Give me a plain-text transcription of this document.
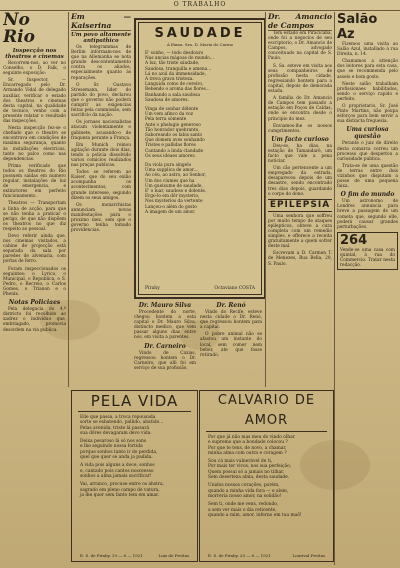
O TRABALHO

No Rio

Inspecção nos theatros e cinemas

Recorrem-nos, ao ver no Conselho, o D. Falk, o seguinte exposição:

Sr. Inspector, — Encarregado pelo Dr. Armando Vidal de delegado auxiliar, verificar o estado dos theatros e cinemas desta capital, na qualidade de tecnico, venho com a presente relatar o resultado das inspecções.

Nesta inspecção fez-se o chefiado que o theatro se encontrava em condições de maxima segurança, quanto ás installações electricas, tanto no palco como nas dependencias.

Prima verificado que todos os theatros do Rio possuem saidas em numero regular, instalações de luz de emergencia, e extinctores em perfeito funcionamento.

Theatros — Transportam a linha de acção, para que se não tenha a praticar o perigo, de que não dispõem os theatros no que diz respeito ao pessoal.

Devo referir ainda que, nos cinemas visitados, a cabine de projecção está separada da sala por paredes de alvenaria, com portas de ferro.

Foram inspeccionados os seguintes: o Lyrico, o Municipal, o Republica, o S. Pedro, o Recreio, o Carlos Gomes, o Trianon e o Phenix.

Notas Policiaes

Pela delegacia do 4.º districto foi recolhido ao xadrez o individuo que, embriagado, promovia desordem na via publica.

Em — Kaiserina

Um povo altamente antipathico

Os telegrammas de Berlim informam-nos de que na Allemanha se nota grande descontentamento contra os aliados, especialmente quanto ás reparações.

O Sr. Gustavo Stresemann, lider do partido do povo, declarou que o governo não poderá cumprir as exigencias feitas pela commissão, sem sacrificio da nação.

Os jornaes nacionalistas atacam violentamente o gabinete, acusando-o de fraqueza perante a França.

Em Munich reinou agitação durante dois dias, tendo a policia dissolvido varios comicios realizados nas praças publicas.

Todos se referem ao Kaiser, que do seu exilio acompanha os acontecimentos, com grande interesse, segundo dizem os seus amigos.

Os monarchistas annunciam novas manifestações para o proximo mez, sem que o governo tenha tomado providencias.

SAUDADE
Á Exma. Sra. D. Maria do Carmo
E' sonho, — todo desdouro
Nas ancias mágoas do mundo...
A luz, tão triste sáudade,
Saudosa, tranquilla e amena...
Lá no azul da immensidade,
A treva grava tristeza.
Languida como de cereiro,
Bebendo o aroma das flores...
Banhando a sala saudosa
Saudosa de amores.
Vinga de sonhar dólente
Um vem afinco da voz
Pela terra sómente
Ante o phelugio generoso
Tão honrador quebranto,
Saboreando os labis santo
Que domem aves sonhando
Tristes e pallidas flores
Cantando a linda clandade
Os seus ideaes amores.
Da viola pura singelo
Uma supplica de amor...
Ao céu, ao astro, ao Senhor,
Um dos ciumes que ha
Um queixume de saudade,
E' o luar, saudoso e dolente.
Ergo-lo em dôr mysterio,
Nos mysterios da vertente
Lançou-o além do gosto
A imagem de um amor.
Pirahy	Octaviano COSTA

Dr. Mauro Silva

Procedente do norte, chegou hontem a esta capital o Dr. Mauro Silva, distincto medico, que vem passar alguns dias entre nós, em visita a parentes.

Dr. Carneiro

Vindo de Caxias, regressou hontem o Dr. Carneiro, que alli foi em serviço de sua profissão.

Dr. Renó

Vindo do Recife, esteve nesta cidade o Dr. Renó, que regressou hontem para a capital.

O pobre animal não se afastou um instante do local, sem comer nem beber, ate que fosse retirado.

Dr. Amancio de Campos

Tem estado em Piracicaba, onde foi a negocios de seu escriptorio, o Dr. Amancio de Campos, advogado conceituado na capital de S. Paulo.

S. Sa. esteve em visita aos seus companheiros de profissão nesta cidade, regressando hontem para a capital, depois de demorada estada.

A familia do Dr. Amancio de Campos tem passado a estação em Poços de Caldas, onde se encontra desde o principio do mez.

Enviamos-lhe os nossos cumprimentos.

Um facto curioso

Deu-se, ha dias, na estação de Tamandaré, um facto que vale a pena noticiar.

Um cão pertencente a um empregado da estrada, desapareceu depois de um desastre, sendo encontrado tres dias depois, guardando o corpo do dono.

EPILEPSIA

Uma senhora que soffreu por muito tempo de ataques epilepticos, obteve a cura completa com um remedio simples, e offerece a receita gratuitamente a quem sofrer deste mal.

Escrevam a D. Carmen T. de Menezes, Rua Bella, 20, S. Paulo.

Salão Az

Fizemos uma visita ao Salão Azul, installado á rua Direita, n. 14.

Chamamos a attenção dos leitores para esta casa, que se recommenda pelo asseio e bom gosto.

Neste salão trabalham profissionaes habilitados, sendo o serviço rapido e perfeito.

O proprietario, Sr. José Pinto Martins, não poupa esforços para bem servir a sua distincta freguezia.

Uma curiosa questão

Perante o juiz de direito desta comarca correu um processo que despertou a curiosidade publica.

Trata-se de uma questão de terras entre dois vizinhos que disputam a posse de uma pequena faixa.

O fim do mundo

Um astronomo de Londres annuncia para breve a passagem de um cometa que, segundo elle, poderá causar grandes perturbações.

264

Vende-se uma casa com quintal, á rua do Commercio. Tratar nesta redacção.

PELA VIDA
Elle que passa, a troca repousada
sorte se esbatendo, pallido, abatido...
Pelas avenida, triste lá passará
sua dôres devagaram devo vida.
Deixa pesaroso lá só nos sons
e lhe seguindo nossa fortida
porque sonhos tanto ir do perdida,
quel que quer se anda ja padida.
A vida pois alguns a doce, sonhos
e, cantado pois cantos nosceesso
sonhos a alma jamais sacrificar!
Vai, arranco, procuse entre os ahstra,
sagrado em pleno campo de vatura,
ja lhe quer sem fanto tem em amar.
E. S. de Pirahy, 19 — 8 — 1921	Luiz de Freitas
CALVARIO DE AMOR
Por que já não mas meu do vindo olhar
e supremo que a bondade colocou ?
Por que te tens, de novo, a chamar,
minha alma com outra e coragem ?
Sou cá mais vulnerável de ti,
Por mais ter vivos, nos sua perfeição,
Quem possui só a jamais no tilhar,
Sem deserteza alma, desta saudade.
Unidos nossos corações, porém,
quando a minha vida fora — e alem,
morreria nosso amor, na solidão!
Sem ti, onde me vens, redondo,
a sem ver mais o dia reticente,
quando a mim, amor, inferno em tua maõ!
E. S. de Pirahy, 20 — 8 — 1921	Lourival Freitas
